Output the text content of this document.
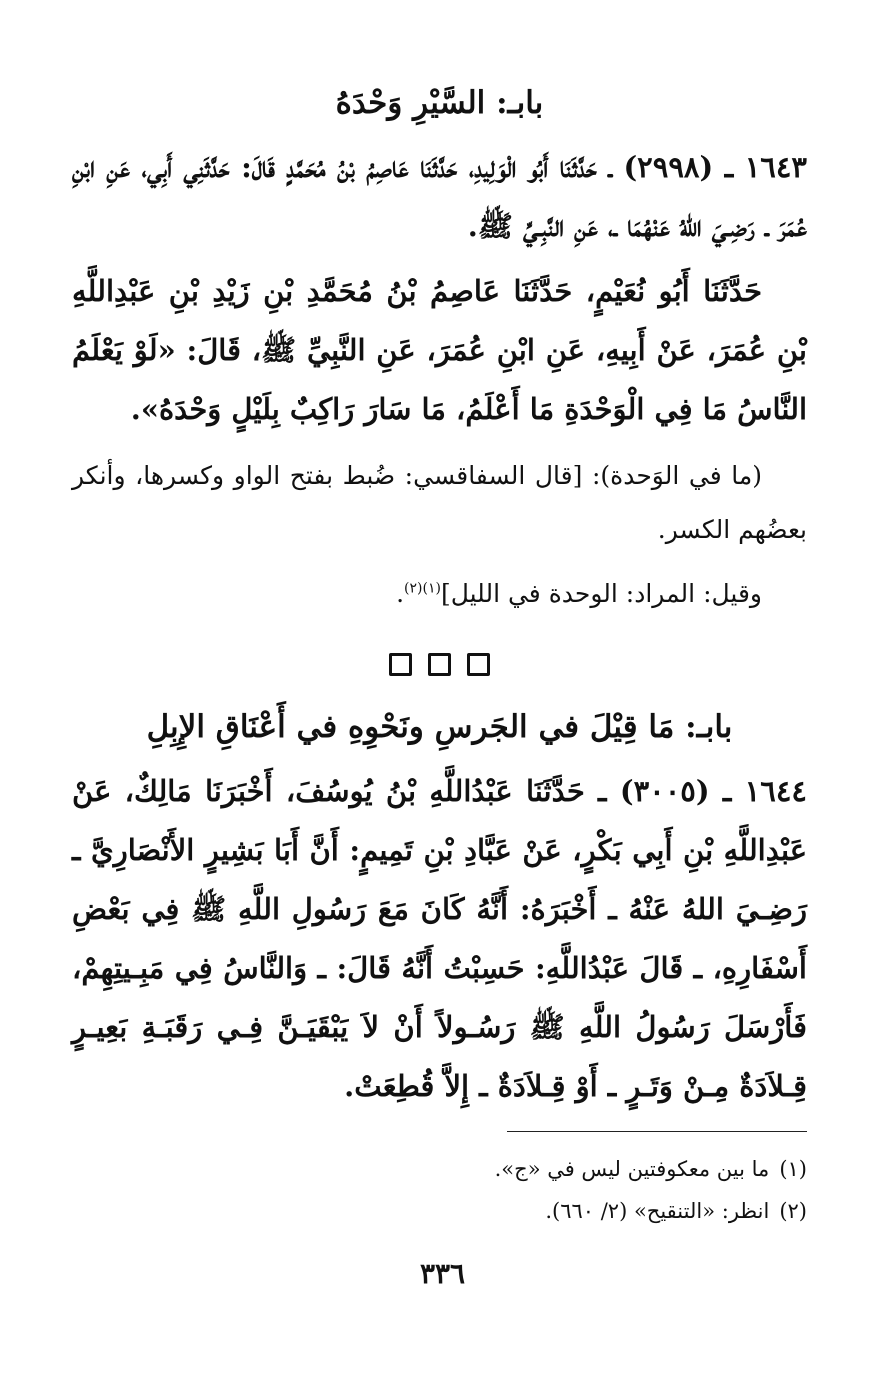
بابـ: السَّيْرِ وَحْدَهُ

١٦٤٣ ـ (٢٩٩٨) ـ حَدَّثَنَا أَبُو الْوَلِيدِ، حَدَّثَنَا عَاصِمُ بْنُ مُحَمَّدٍ قَالَ: حَدَّثَنِي أَبِي، عَنِ ابْنِ عُمَرَ ـ رَضِـيَ اللهُ عَنْهُمَا ـ، عَنِ النَّبِـيِّ ﷺ.

حَدَّثَنَا أَبُو نُعَيْمٍ، حَدَّثَنَا عَاصِمُ بْنُ مُحَمَّدِ بْنِ زَيْدِ بْنِ عَبْدِاللَّهِ بْنِ عُمَرَ، عَنْ أَبِيهِ، عَنِ ابْنِ عُمَرَ، عَنِ النَّبِيِّ ﷺ، قَالَ: «لَوْ يَعْلَمُ النَّاسُ مَا فِي الْوَحْدَةِ مَا أَعْلَمُ، مَا سَارَ رَاكِبٌ بِلَيْلٍ وَحْدَهُ».

(ما في الوَحدة): [قال السفاقسي: ضُبط بفتح الواو وكسرها، وأنكر بعضُهم الكسر.

وقيل: المراد: الوحدة في الليل]$^{(١)(٢)}$.

بابـ: مَا قِيْلَ في الجَرسِ ونَحْوِهِ في أَعْنَاقِ الإِبِلِ

١٦٤٤ ـ (٣٠٠٥) ـ حَدَّثَنَا عَبْدُاللَّهِ بْنُ يُوسُفَ، أَخْبَرَنَا مَالِكٌ، عَنْ عَبْدِاللَّهِ بْنِ أَبِي بَكْرٍ، عَنْ عَبَّادِ بْنِ تَمِيمٍ: أَنَّ أَبَا بَشِيرٍ الأَنْصَارِيَّ ـ رَضِـيَ اللهُ عَنْهُ ـ أَخْبَرَهُ: أَنَّهُ كَانَ مَعَ رَسُولِ اللَّهِ ﷺ فِي بَعْضِ أَسْفَارِهِ، ـ قَالَ عَبْدُاللَّهِ: حَسِبْتُ أَنَّهُ قَالَ: ـ وَالنَّاسُ فِي مَبِـيتِهِمْ، فَأَرْسَلَ رَسُولُ اللَّهِ ﷺ رَسُـولاً أَنْ لاَ يَبْقَيَـنَّ فِـي رَقَبَـةِ بَعِيـرٍ قِـلاَدَةٌ مِـنْ وَتَـرٍ ـ أَوْ قِـلاَدَةٌ ـ إِلاَّ قُطِعَتْ.

(١)ما بين معكوفتين ليس في «ج».

(٢)انظر: «التنقيح» (٢/ ٦٦٠).

٣٣٦
